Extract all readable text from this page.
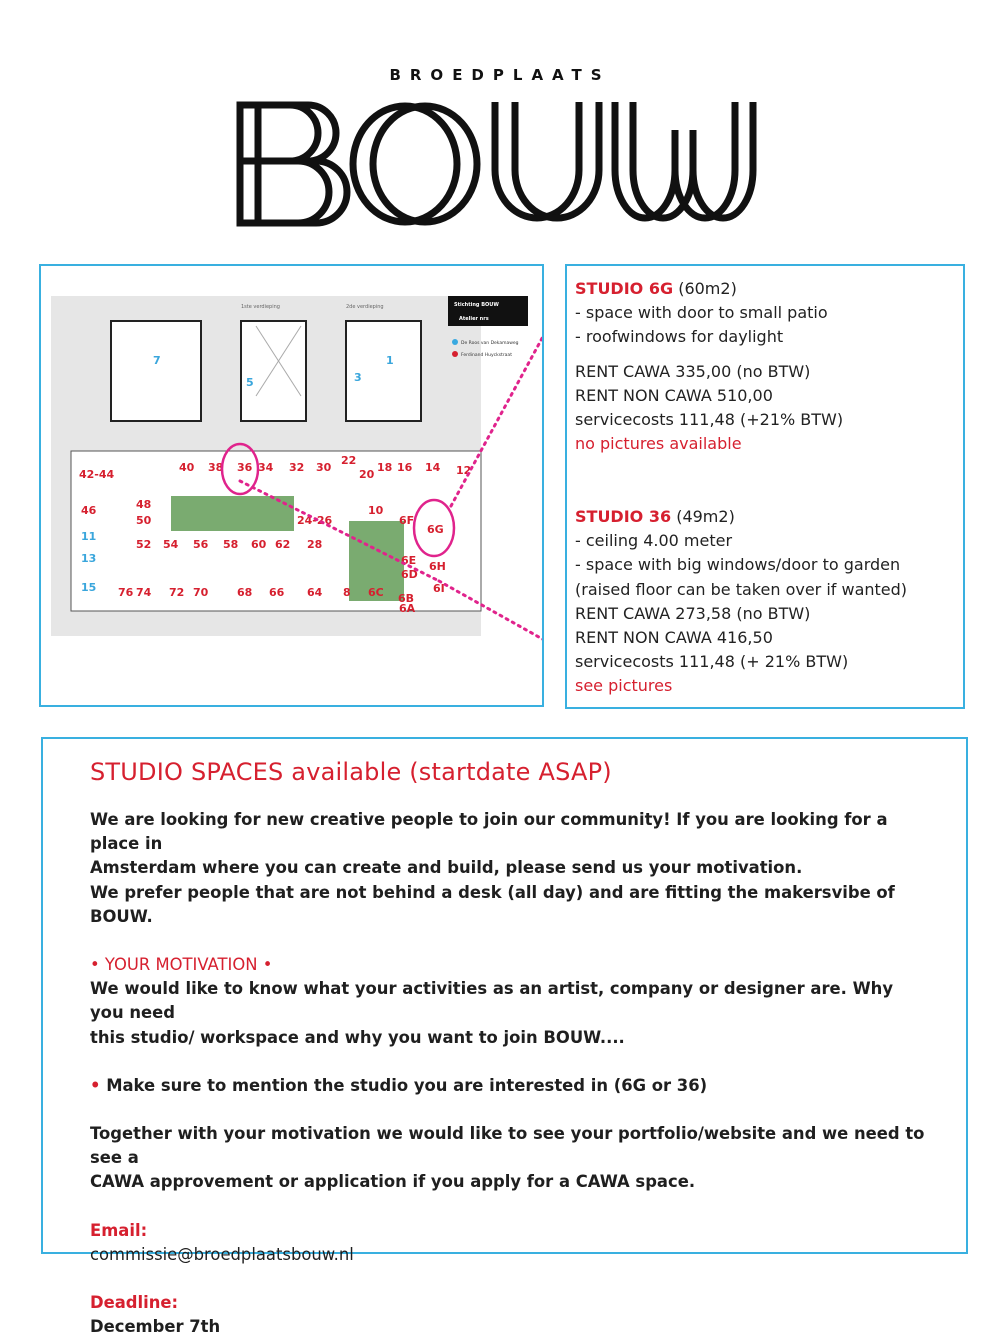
BROEDPLAATS
1ste verdieping	2de verdieping
7
5	3
1
Stichting BOUW
Atelier nrs
De Roos van Dekamaweg
Ferdinand Huyckstraat
42-44
40 38 36 34 32 30
22
20
18 16 14 12
46	48
50
52 54 56 58 60 62
24-26
28
10
6F
6G
6E
6D
6H
6I
6B
6A
76 74 72 70	68 66 64 8 6C
11
13
15
STUDIO 6G (60m2)
- space with door to small patio
- roofwindows for daylight
RENT CAWA 335,00 (no BTW)
RENT NON CAWA 510,00
servicecosts 111,48 (+21% BTW)
no pictures available
STUDIO 36 (49m2)
- ceiling 4.00 meter
- space with big windows/door to garden
(raised floor can be taken over if wanted)
RENT CAWA 273,58 (no BTW)
RENT NON CAWA 416,50
servicecosts 111,48 (+ 21% BTW)
see pictures
STUDIO SPACES available (startdate ASAP)

We are looking for new creative people to join our community! If you are looking for a place in

Amsterdam where you can create and build, please send us your motivation.

We prefer people that are not behind a desk (all day) and are fitting the makersvibe of BOUW.

• YOUR MOTIVATION •

We would like to know what your activities as an artist, company or designer are. Why you need

this studio/ workspace and why you want to join BOUW....

• Make sure to mention the studio you are interested in (6G or 36)

Together with your motivation we would like to see your portfolio/website and we need to see a

CAWA approvement or application if you apply for a CAWA space.

Email:

commissie@broedplaatsbouw.nl

Deadline:

December 7th
